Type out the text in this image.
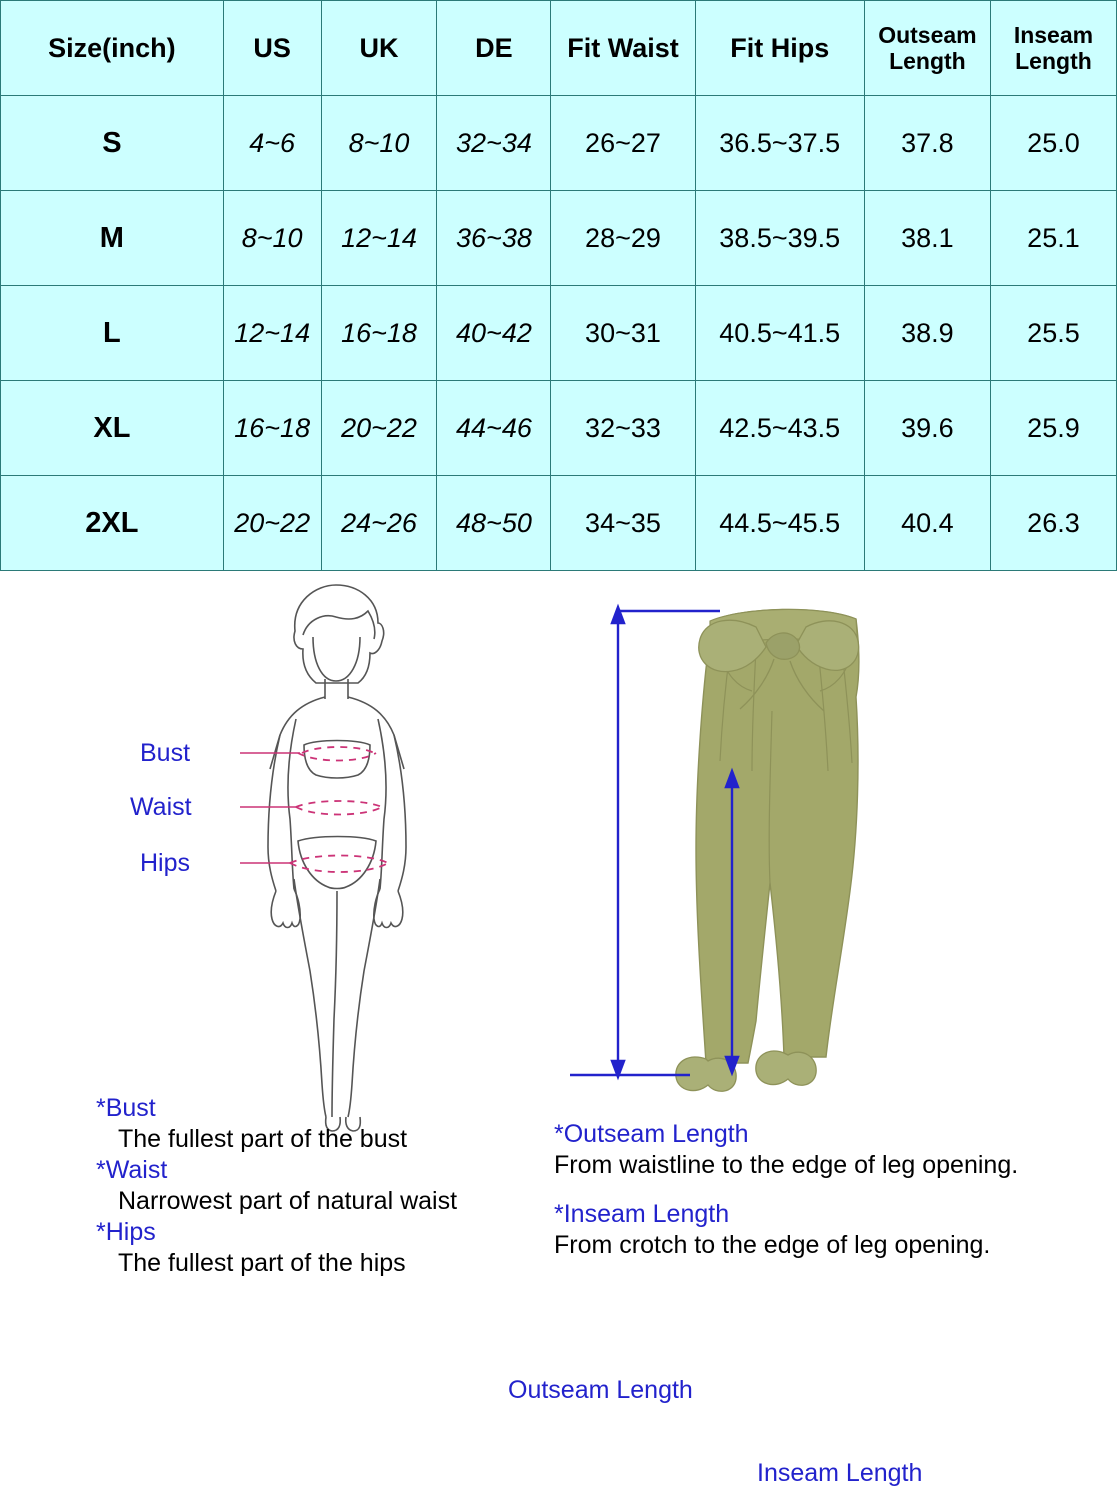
Size(inch)	US	UK	DE	Fit Waist	Fit Hips	Outseam Length	Inseam Length
S	4~6	8~10	32~34	26~27	36.5~37.5	37.8	25.0
M	8~10	12~14	36~38	28~29	38.5~39.5	38.1	25.1
L	12~14	16~18	40~42	30~31	40.5~41.5	38.9	25.5
XL	16~18	20~22	44~46	32~33	42.5~43.5	39.6	25.9
2XL	20~22	24~26	48~50	34~35	44.5~45.5	40.4	26.3
Bust
Waist
Hips
Outseam Length
Inseam Length
*Bust
The fullest part of the bust
*Waist
Narrowest part of natural waist
*Hips
The fullest part of the hips
*Outseam Length
From waistline to the edge of leg opening.
*Inseam Length
From crotch to the edge of leg opening.
